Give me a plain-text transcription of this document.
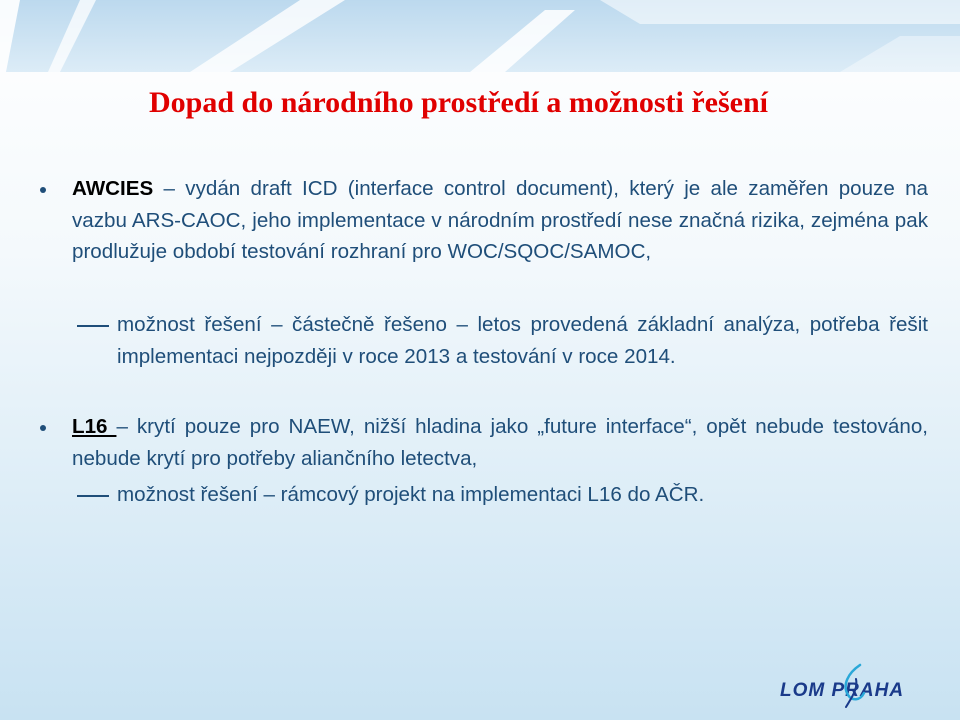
Dopad do národního prostředí a možnosti řešení

AWCIES – vydán draft ICD (interface control document), který je ale zaměřen pouze na vazbu ARS-CAOC, jeho implementace v národním prostředí nese značná rizika, zejména pak prodlužuje období testování rozhraní pro WOC/SQOC/SAMOC,

možnost řešení – částečně řešeno – letos provedená základní analýza, potřeba řešit implementaci nejpozději v roce 2013 a testování v roce 2014.

L16 – krytí pouze pro NAEW, nižší hladina jako „future interface“, opět nebude testováno, nebude krytí pro potřeby aliančního letectva,

možnost řešení – rámcový projekt na implementaci L16 do AČR.

LOM PRAHA
